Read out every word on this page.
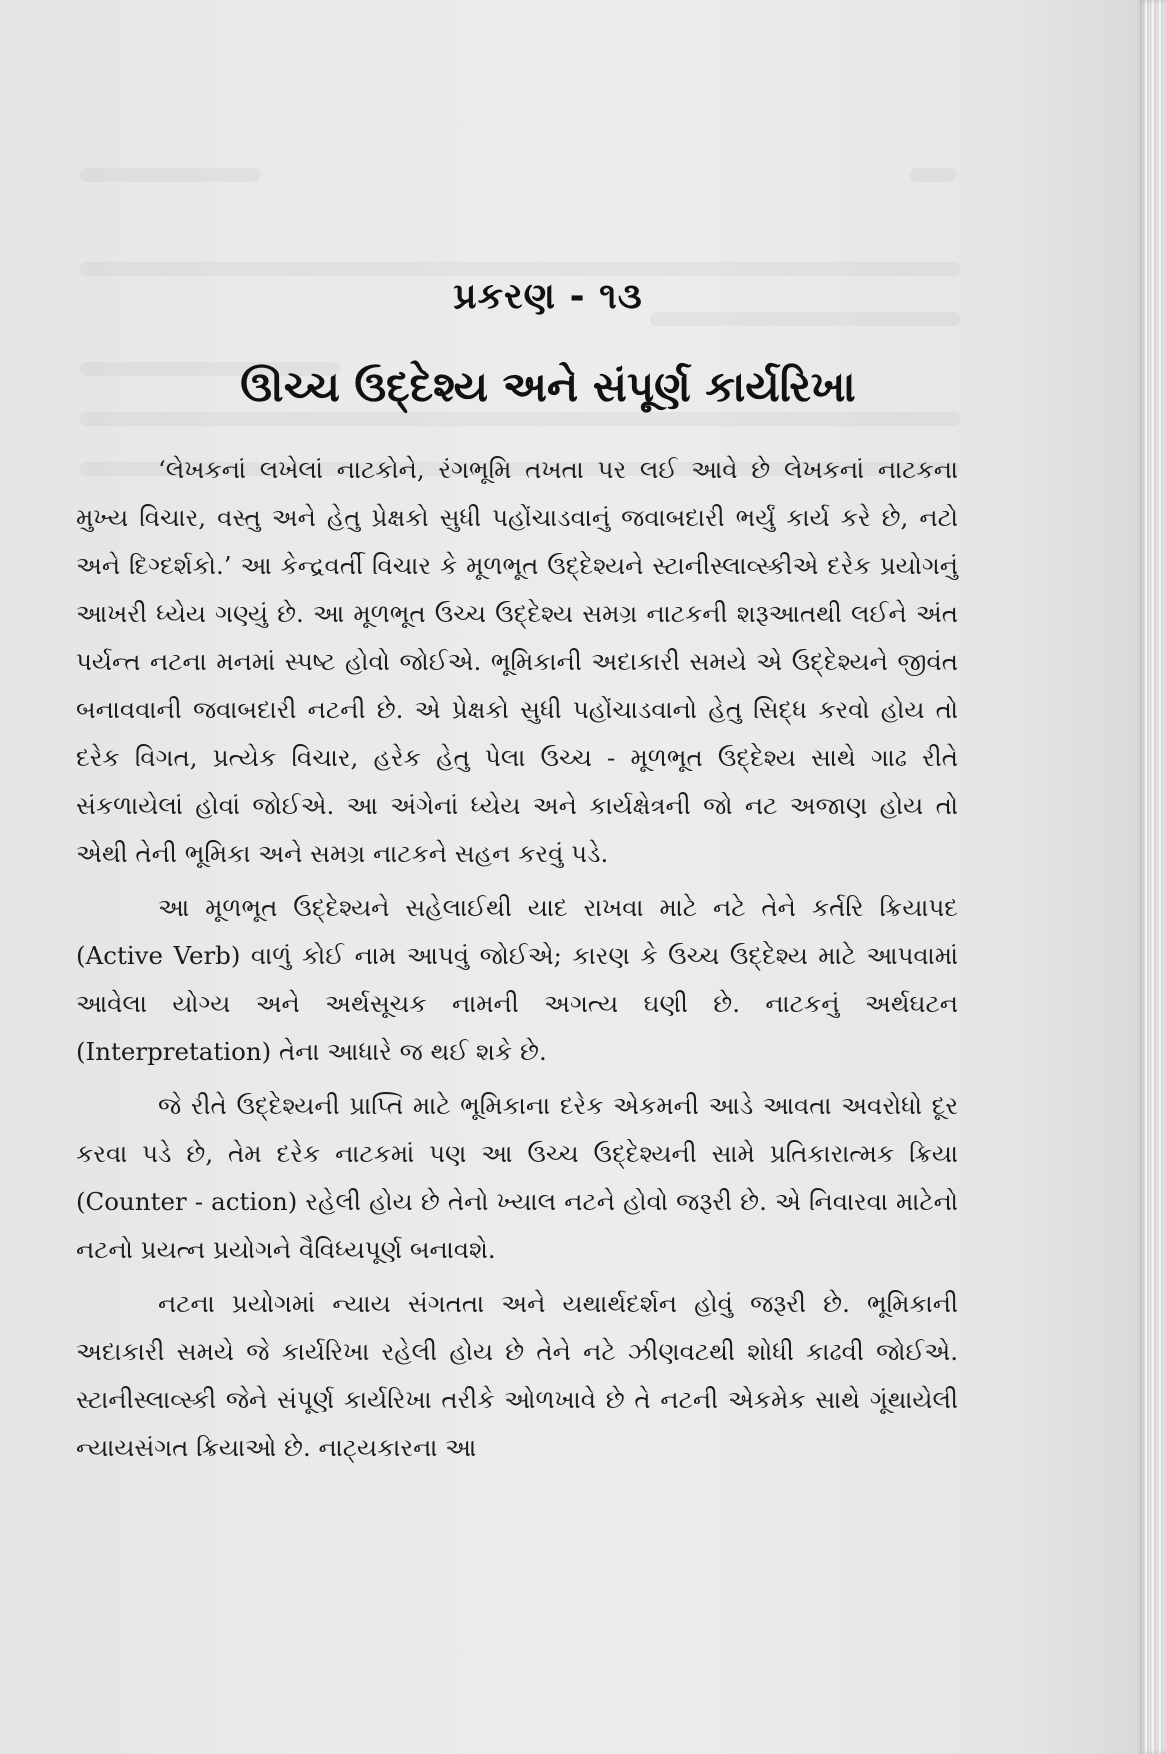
પ્રકરણ - ૧૩
ઊચ્ચ ઉદ્દેશ્ય અને સંપૂર્ણ કાર્યરિખા

‘લેખકનાં લખેલાં નાટકોને, રંગભૂમિ તખતા પર લઈ આવે છે લેખકનાં નાટકના મુખ્ય વિચાર, વસ્તુ અને હેતુ પ્રેક્ષકો સુધી પહોંચાડવાનું જવાબદારી ભર્યું કાર્ય કરે છે, નટો અને દિગ્દર્શકો.’ આ કેન્દ્રવર્તી વિચાર કે મૂળભૂત ઉદ્દેશ્યને સ્ટાનીસ્લાવ્સ્કીએ દરેક પ્રયોગનું આખરી ધ્યેય ગણ્યું છે. આ મૂળભૂત ઉચ્ચ ઉદ્દેશ્ય સમગ્ર નાટકની શરૂઆતથી લઈને અંત પર્યન્ત નટના મનમાં સ્પષ્ટ હોવો જોઈએ. ભૂમિકાની અદાકારી સમયે એ ઉદ્દેશ્યને જીવંત બનાવવાની જવાબદારી નટની છે. એ પ્રેક્ષકો સુધી પહોંચાડવાનો હેતુ સિદ્ધ કરવો હોય તો દરેક વિગત, પ્રત્યેક વિચાર, હરેક હેતુ પેલા ઉચ્ચ - મૂળભૂત ઉદ્દેશ્ય સાથે ગાઢ રીતે સંકળાયેલાં હોવાં જોઈએ. આ અંગેનાં ધ્યેય અને કાર્યક્ષેત્રની જો નટ અજાણ હોય તો એથી તેની ભૂમિકા અને સમગ્ર નાટકને સહન કરવું પડે.

આ મૂળભૂત ઉદ્દેશ્યને સહેલાઈથી યાદ રાખવા માટે નટે તેને કર્તરિ ક્રિયાપદ (Active Verb) વાળું કોઈ નામ આપવું જોઈએ; કારણ કે ઉચ્ચ ઉદ્દેશ્ય માટે આપવામાં આવેલા યોગ્ય અને અર્થસૂચક નામની અગત્ય ઘણી છે. નાટકનું અર્થઘટન (Interpretation) તેના આધારે જ થઈ શકે છે.

જે રીતે ઉદ્દેશ્યની પ્રાપ્તિ માટે ભૂમિકાના દરેક એકમની આડે આવતા અવરોધો દૂર કરવા પડે છે, તેમ દરેક નાટકમાં પણ આ ઉચ્ચ ઉદ્દેશ્યની સામે પ્રતિકારાત્મક ક્રિયા (Counter - action) રહેલી હોય છે તેનો ખ્યાલ નટને હોવો જરૂરી છે. એ નિવારવા માટેનો નટનો પ્રયત્ન પ્રયોગને વૈવિધ્યપૂર્ણ બનાવશે.

નટના પ્રયોગમાં ન્યાય સંગતતા અને યથાર્થદર્શન હોવું જરૂરી છે. ભૂમિકાની અદાકારી સમયે જે કાર્યરિખા રહેલી હોય છે તેને નટે ઝીણવટથી શોધી કાઢવી જોઈએ. સ્ટાનીસ્લાવ્સ્કી જેને સંપૂર્ણ કાર્યરિખા તરીકે ઓળખાવે છે તે નટની એકમેક સાથે ગૂંથાયેલી ન્યાયસંગત ક્રિયાઓ છે. નાટ્યકારના આ
